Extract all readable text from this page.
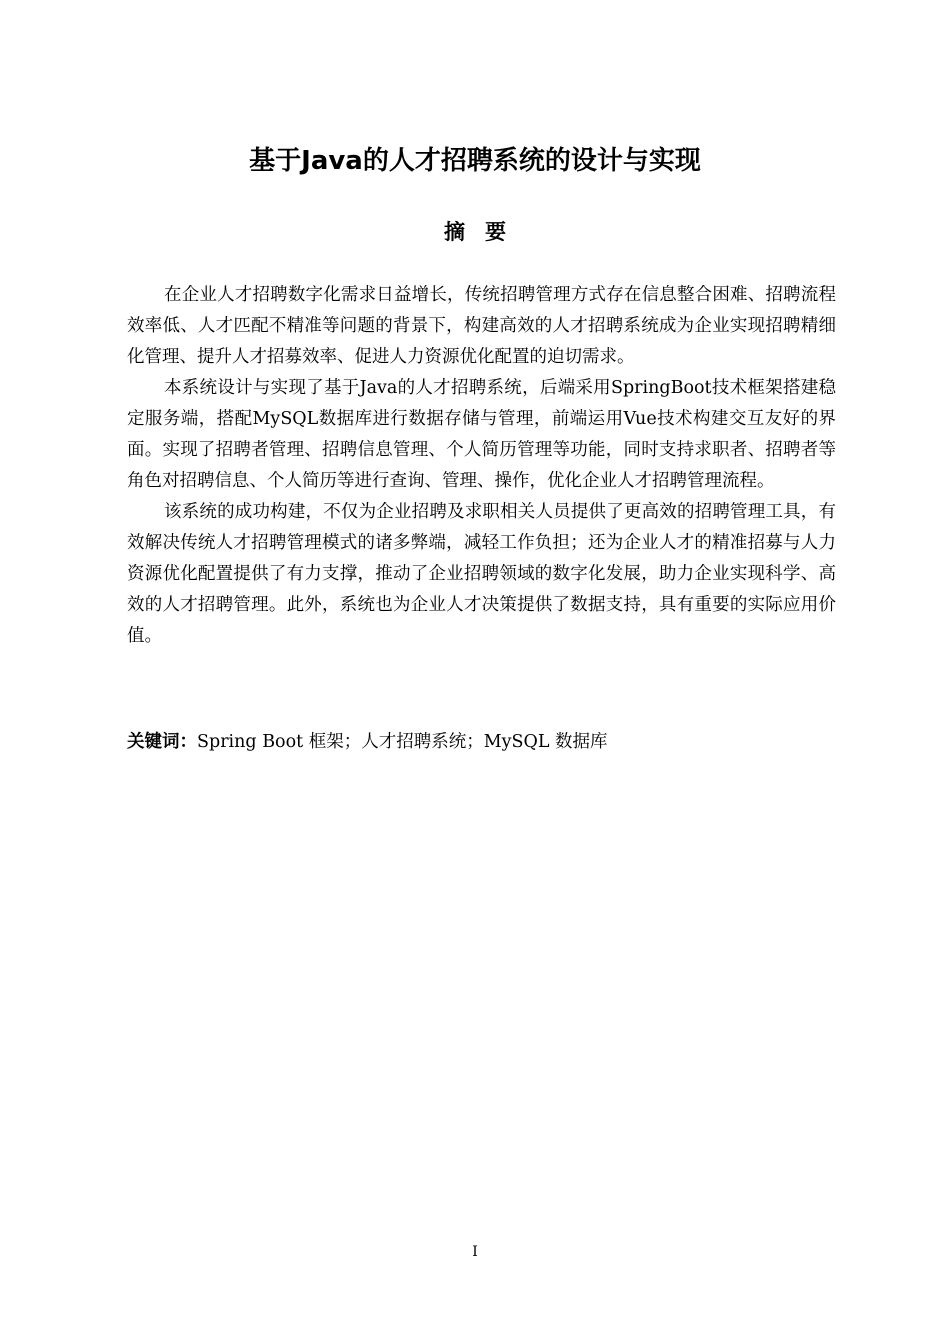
基于Java的人才招聘系统的设计与实现
摘要

在企业人才招聘数字化需求日益增长，传统招聘管理方式存在信息整合困难、招聘流程效率低、人才匹配不精准等问题的背景下，构建高效的人才招聘系统成为企业实现招聘精细化管理、提升人才招募效率、促进人力资源优化配置的迫切需求。

本系统设计与实现了基于Java的人才招聘系统，后端采用SpringBoot技术框架搭建稳定服务端，搭配MySQL数据库进行数据存储与管理，前端运用Vue技术构建交互友好的界面。实现了招聘者管理、招聘信息管理、个人简历管理等功能，同时支持求职者、招聘者等角色对招聘信息、个人简历等进行查询、管理、操作，优化企业人才招聘管理流程。

该系统的成功构建，不仅为企业招聘及求职相关人员提供了更高效的招聘管理工具，有效解决传统人才招聘管理模式的诸多弊端，减轻工作负担；还为企业人才的精准招募与人力资源优化配置提供了有力支撑，推动了企业招聘领域的数字化发展，助力企业实现科学、高效的人才招聘管理。此外，系统也为企业人才决策提供了数据支持，具有重要的实际应用价值。

关键词：Spring Boot 框架；人才招聘系统；MySQL 数据库

I
